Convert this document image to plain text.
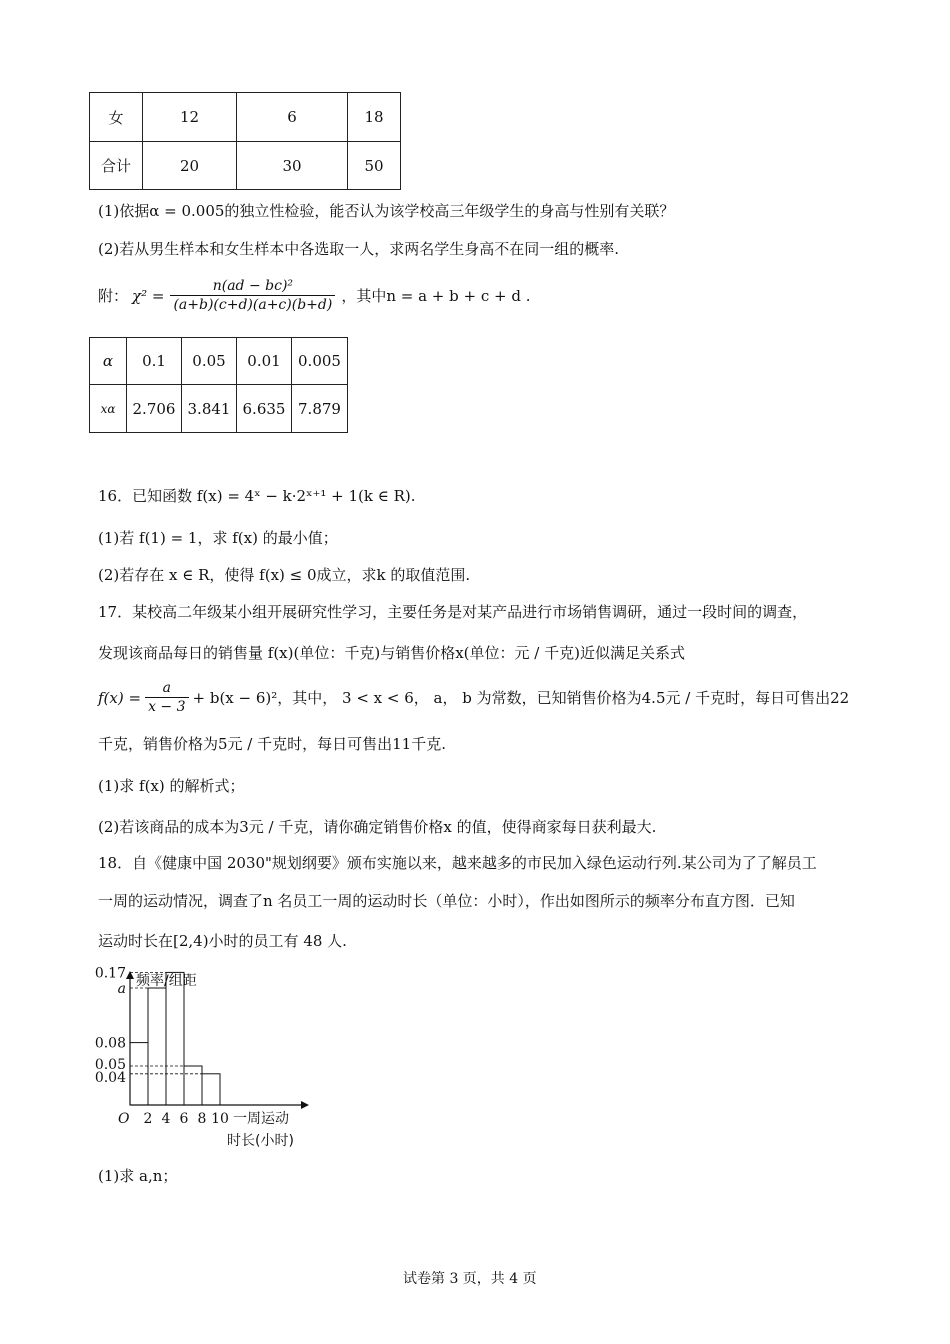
女	12	6	18
合计	20	30	50
(1)依据α = 0.005的独立性检验，能否认为该学校高三年级学生的身高与性别有关联？
(2)若从男生样本和女生样本中各选取一人，求两名学生身高不在同一组的概率.
附： $\chi^2 = \frac{\text{n(ad − bc)²}}{(a+b)(c+d)(a+c)(b+d)}$ ，其中n = a + b + c + d .
α	0.1	0.05	0.01	0.005
xα	2.706	3.841	6.635	7.879
16．已知函数 f(x) = 4ˣ − k·2ˣ⁺¹ + 1(k ∈ R).
(1)若 f(1) = 1，求 f(x) 的最小值；
(2)若存在 x ∈ R，使得 f(x) ≤ 0成立，求k 的取值范围.
17．某校高二年级某小组开展研究性学习，主要任务是对某产品进行市场销售调研，通过一段时间的调查，
发现该商品每日的销售量 f(x)(单位：千克)与销售价格x(单位：元 / 千克)近似满足关系式
$f(x) = \frac{a}{x - 3} + b(x - 6)^2$，其中， 3 < x < 6， a， b 为常数，已知销售价格为4.5元 / 千克时，每日可售出22
千克，销售价格为5元 / 千克时，每日可售出11千克.
(1)求 f(x) 的解析式；
(2)若该商品的成本为3元 / 千克，请你确定销售价格x 的值，使得商家每日获利最大.
18．自《健康中国 2030"规划纲要》颁布实施以来，越来越多的市民加入绿色运动行列.某公司为了了解员工
一周的运动情况，调查了n 名员工一周的运动时长（单位：小时），作出如图所示的频率分布直方图．已知
运动时长在[2,4)小时的员工有 48 人.
0.17
a
0.08
0.05
0.04
2 4 6 8 10
O
频率/组距
一周运动
时长(小时)
(1)求 a,n；
试卷第 3 页，共 4 页
